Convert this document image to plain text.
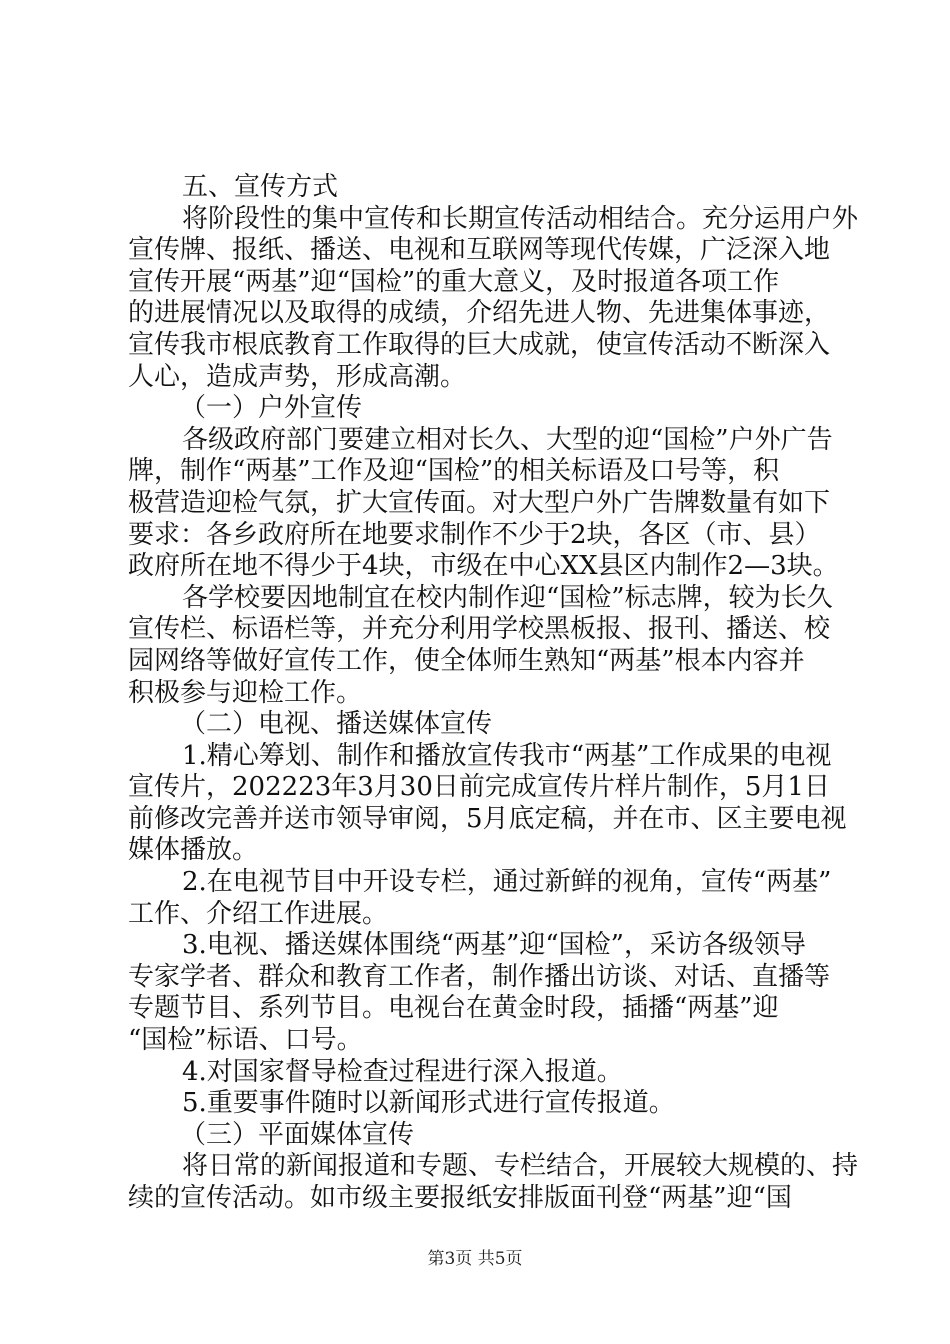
五、宣传方式
将阶段性的集中宣传和长期宣传活动相结合。充分运用户外
宣传牌、报纸、播送、电视和互联网等现代传媒，广泛深入地
宣传开展“两基”迎“国检”的重大意义，及时报道各项工作
的进展情况以及取得的成绩，介绍先进人物、先进集体事迹，
宣传我市根底教育工作取得的巨大成就，使宣传活动不断深入
人心，造成声势，形成高潮。
（一）户外宣传
各级政府部门要建立相对长久、大型的迎“国检”户外广告
牌，制作“两基”工作及迎“国检”的相关标语及口号等，积
极营造迎检气氛，扩大宣传面。对大型户外广告牌数量有如下
要求：各乡政府所在地要求制作不少于2块，各区（市、县）
政府所在地不得少于4块，市级在中心XX县区内制作2—3块。
各学校要因地制宜在校内制作迎“国检”标志牌，较为长久
宣传栏、标语栏等，并充分利用学校黑板报、报刊、播送、校
园网络等做好宣传工作，使全体师生熟知“两基”根本内容并
积极参与迎检工作。
（二）电视、播送媒体宣传
1.精心筹划、制作和播放宣传我市“两基”工作成果的电视
宣传片，202223年3月30日前完成宣传片样片制作，5月1日
前修改完善并送市领导审阅，5月底定稿，并在市、区主要电视
媒体播放。
2.在电视节目中开设专栏，通过新鲜的视角，宣传“两基”
工作、介绍工作进展。
3.电视、播送媒体围绕“两基”迎“国检”，采访各级领导
专家学者、群众和教育工作者，制作播出访谈、对话、直播等
专题节目、系列节目。电视台在黄金时段，插播“两基”迎
“国检”标语、口号。
4.对国家督导检查过程进行深入报道。
5.重要事件随时以新闻形式进行宣传报道。
（三）平面媒体宣传
将日常的新闻报道和专题、专栏结合，开展较大规模的、持
续的宣传活动。如市级主要报纸安排版面刊登“两基”迎“国
第3页 共5页
